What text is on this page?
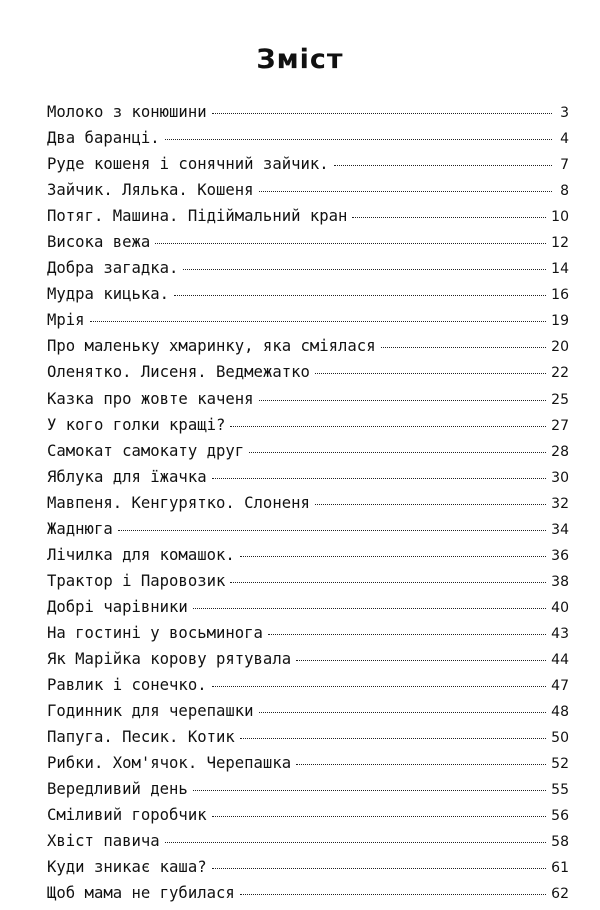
Зміст
Молоко з конюшини	3
Два баранці.	4
Руде кошеня і сонячний зайчик.	7
Зайчик. Лялька. Кошеня	8
Потяг. Машина. Підіймальний кран	10
Висока вежа	12
Добра загадка.	14
Мудра кицька.	16
Мрія	19
Про маленьку хмаринку, яка сміялася	20
Оленятко. Лисеня. Ведмежатко	22
Казка про жовте каченя	25
У кого голки кращі?	27
Самокат самокату друг	28
Яблука для їжачка	30
Мавпеня. Кенгурятко. Слоненя	32
Жаднюга	34
Лічилка для комашок.	36
Трактор і Паровозик	38
Добрі чарівники	40
На гостині у восьминога	43
Як Марійка корову рятувала	44
Равлик і сонечко.	47
Годинник для черепашки	48
Папуга. Песик. Котик	50
Рибки. Хом'ячок. Черепашка	52
Вередливий день	55
Сміливий горобчик	56
Хвіст павича	58
Куди зникає каша?	61
Щоб мама не губилася	62
